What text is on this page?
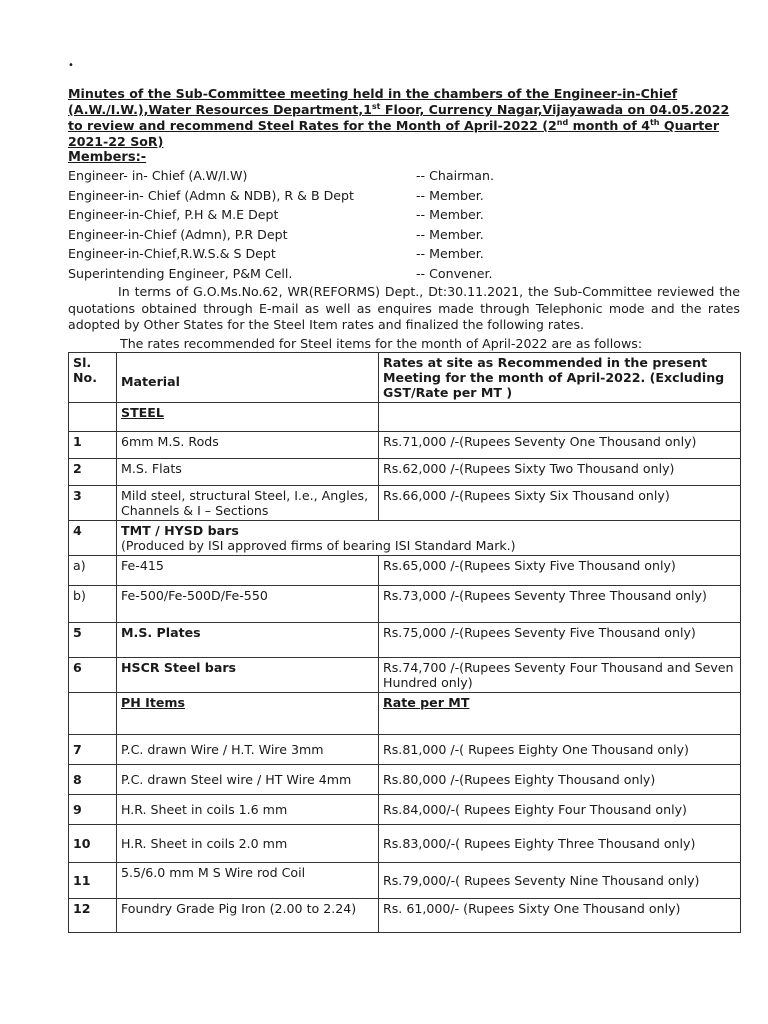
•

Minutes of the Sub-Committee meeting held in the chambers of the Engineer-in-Chief (A.W./I.W.),Water Resources Department,1st Floor, Currency Nagar,Vijayawada on 04.05.2022 to review and recommend Steel Rates for the Month of April-2022 (2nd month of 4th Quarter 2021-22 SoR)

Members:-
Engineer- in- Chief (A.W/I.W)	-- Chairman.
Engineer-in- Chief (Admn & NDB), R & B Dept	-- Member.
Engineer-in-Chief, P.H & M.E Dept	-- Member.
Engineer-in-Chief (Admn), P.R Dept	-- Member.
Engineer-in-Chief,R.W.S.& S Dept	-- Member.
Superintending Engineer, P&M Cell.	-- Convener.

In terms of G.O.Ms.No.62, WR(REFORMS) Dept., Dt:30.11.2021, the Sub-Committee reviewed the quotations obtained through E-mail as well as enquires made through Telephonic mode and the rates adopted by Other States for the Steel Item rates and finalized the following rates.

The rates recommended for Steel items for the month of April-2022 are as follows:
Sl. No.	Material	Rates at site as Recommended in the present Meeting for the month of April-2022. (Excluding GST/Rate per MT )
	STEEL	
1	6mm M.S. Rods	Rs.71,000 /-(Rupees Seventy One Thousand only)
2	M.S. Flats	Rs.62,000 /-(Rupees Sixty Two Thousand only)
3	Mild steel, structural Steel, I.e., Angles, Channels & I – Sections	Rs.66,000 /-(Rupees Sixty Six Thousand only)
4	TMT / HYSD bars
(Produced by ISI approved firms of bearing ISI Standard Mark.)	

a)	Fe-415	Rs.65,000 /-(Rupees Sixty Five Thousand only)
b)	Fe-500/Fe-500D/Fe-550	Rs.73,000 /-(Rupees Seventy Three Thousand only)
5	M.S. Plates	Rs.75,000 /-(Rupees Seventy Five Thousand only)
6	HSCR Steel bars	Rs.74,700 /-(Rupees Seventy Four Thousand and Seven Hundred only)
	PH Items	Rate per MT
7	P.C. drawn Wire / H.T. Wire 3mm	Rs.81,000 /-( Rupees Eighty One Thousand only)
8	P.C. drawn Steel wire / HT Wire 4mm	Rs.80,000 /-(Rupees Eighty Thousand only)
9	H.R. Sheet in coils 1.6 mm	Rs.84,000/-( Rupees Eighty Four Thousand only)
10	H.R. Sheet in coils 2.0 mm	Rs.83,000/-( Rupees Eighty Three Thousand only)
11	5.5/6.0 mm M S Wire rod Coil	Rs.79,000/-( Rupees Seventy Nine Thousand only)
12	Foundry Grade Pig Iron (2.00 to 2.24)	Rs. 61,000/- (Rupees Sixty One Thousand only)
